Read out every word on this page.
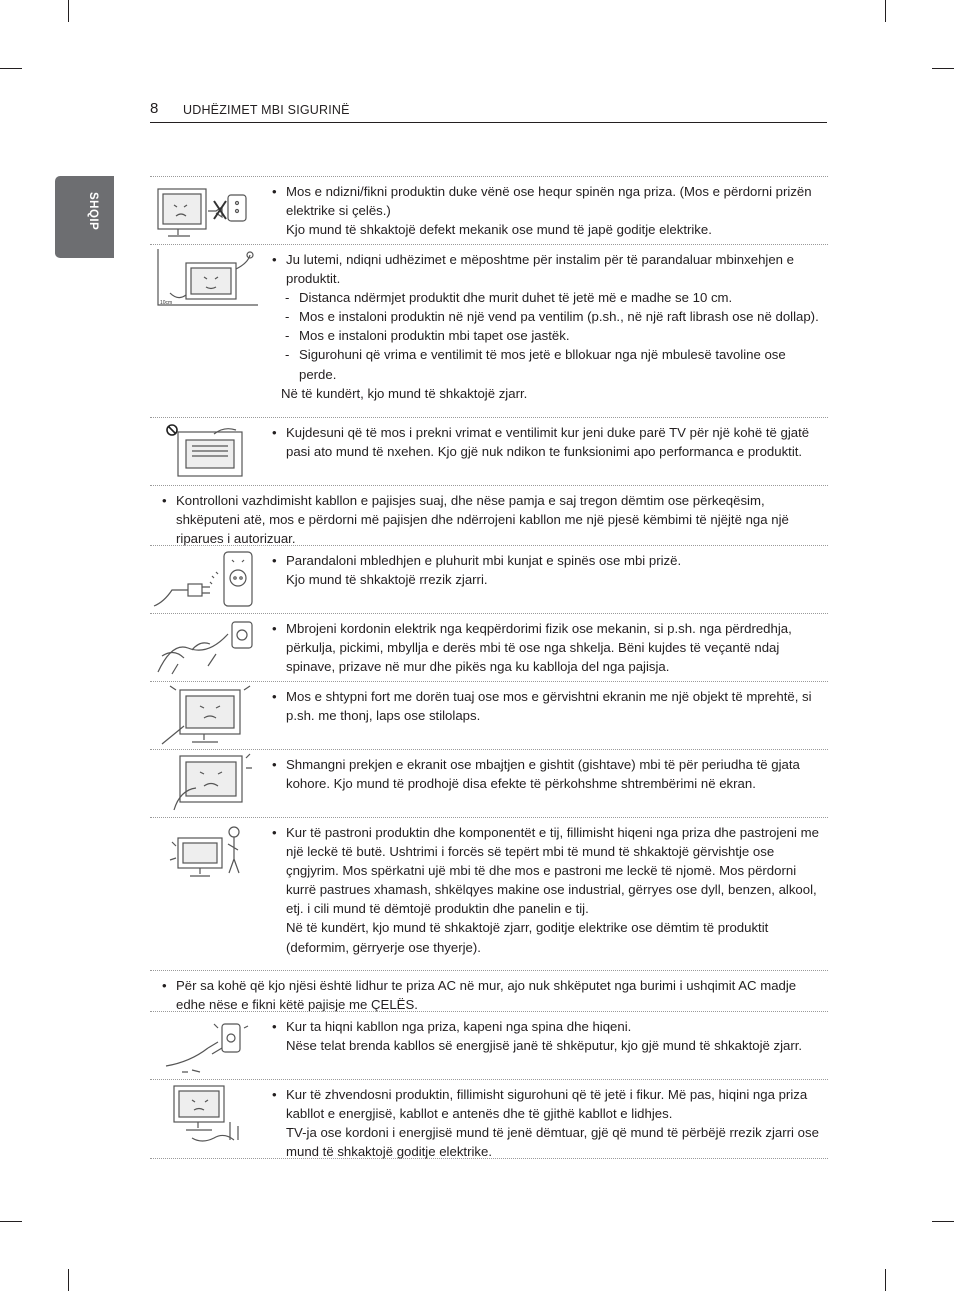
8 UDHËZIMET MBI SIGURINË
SHQIP
• Mos e ndizni/fikni produktin duke vënë ose hequr spinën nga priza. (Mos e përdorni prizën elektrike si çelës.)
Kjo mund të shkaktojë defekt mekanik ose mund të japë goditje elektrike.
10cm
• Ju lutemi, ndiqni udhëzimet e mëposhtme për instalim për të parandaluar mbinxehjen e produktit.
- Distanca ndërmjet produktit dhe murit duhet të jetë më e madhe se 10 cm.
- Mos e instaloni produktin në një vend pa ventilim (p.sh., në një raft librash ose në dollap).
- Mos e instaloni produktin mbi tapet ose jastëk.
- Sigurohuni që vrima e ventilimit të mos jetë e bllokuar nga një mbulesë tavoline ose perde.
Në të kundërt, kjo mund të shkaktojë zjarr.
• Kujdesuni që të mos i prekni vrimat e ventilimit kur jeni duke parë TV për një kohë të gjatë pasi ato mund të nxehen. Kjo gjë nuk ndikon te funksionimi apo performanca e produktit.
• Kontrolloni vazhdimisht kabllon e pajisjes suaj, dhe nëse pamja e saj tregon dëmtim ose përkeqësim, shkëputeni atë, mos e përdorni më pajisjen dhe ndërrojeni kabllon me një pjesë këmbimi të njëjtë nga një riparues i autorizuar.
• Parandaloni mbledhjen e pluhurit mbi kunjat e spinës ose mbi prizë.
Kjo mund të shkaktojë rrezik zjarri.
• Mbrojeni kordonin elektrik nga keqpërdorimi fizik ose mekanin, si p.sh. nga përdredhja, përkulja, pickimi, mbyllja e derës mbi të ose nga shkelja. Bëni kujdes të veçantë ndaj spinave, prizave në mur dhe pikës nga ku kablloja del nga pajisja.
• Mos e shtypni fort me dorën tuaj ose mos e gërvishtni ekranin me një objekt të mprehtë, si p.sh. me thonj, laps ose stilolaps.
• Shmangni prekjen e ekranit ose mbajtjen e gishtit (gishtave) mbi të për periudha të gjata kohore. Kjo mund të prodhojë disa efekte të përkohshme shtrembërimi në ekran.
• Kur të pastroni produktin dhe komponentët e tij, fillimisht hiqeni nga priza dhe pastrojeni me një leckë të butë. Ushtrimi i forcës së tepërt mbi të mund të shkaktojë gërvishtje ose çngjyrim. Mos spërkatni ujë mbi të dhe mos e pastroni me leckë të njomë. Mos përdorni kurrë pastrues xhamash, shkëlqyes makine ose industrial, gërryes ose dyll, benzen, alkool, etj. i cili mund të dëmtojë produktin dhe panelin e tij.
Në të kundërt, kjo mund të shkaktojë zjarr, goditje elektrike ose dëmtim të produktit (deformim, gërryerje ose thyerje).
• Për sa kohë që kjo njësi është lidhur te priza AC në mur, ajo nuk shkëputet nga burimi i ushqimit AC madje edhe nëse e fikni këtë pajisje me ÇELËS.
• Kur ta hiqni kabllon nga priza, kapeni nga spina dhe hiqeni.
Nëse telat brenda kabllos së energjisë janë të shkëputur, kjo gjë mund të shkaktojë zjarr.
• Kur të zhvendosni produktin, fillimisht sigurohuni që të jetë i fikur. Më pas, hiqini nga priza kabllot e energjisë, kabllot e antenës dhe të gjithë kabllot e lidhjes.
TV-ja ose kordoni i energjisë mund të jenë dëmtuar, gjë që mund të përbëjë rrezik zjarri ose mund të shkaktojë goditje elektrike.
